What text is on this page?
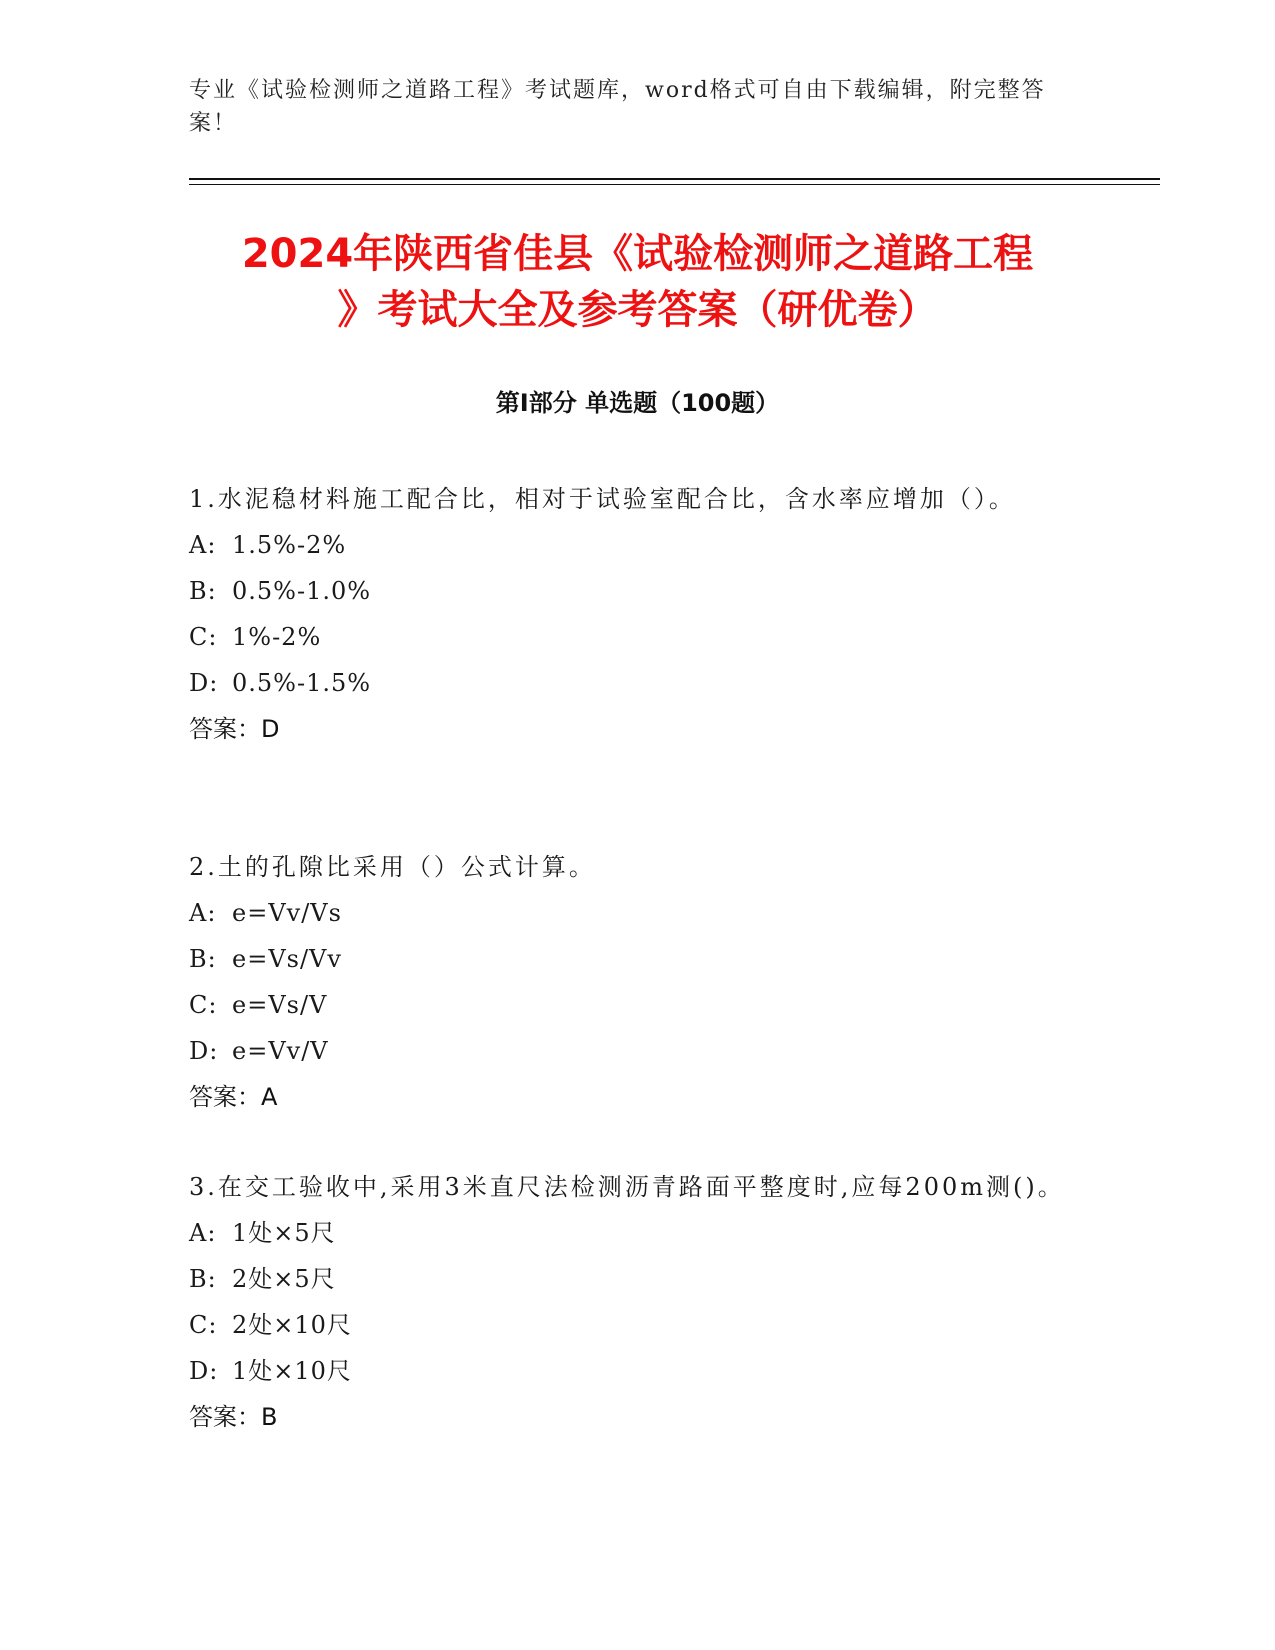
专业《试验检测师之道路工程》考试题库，word格式可自由下载编辑，附完整答案！
2024年陕西省佳县《试验检测师之道路工程
》考试大全及参考答案（研优卷）
第Ⅰ部分 单选题（100题）
1.水泥稳材料施工配合比，相对于试验室配合比，含水率应增加（）。
A: 1.5%-2%
B: 0.5%-1.0%
C: 1%-2%
D: 0.5%-1.5%
答案：D
2.土的孔隙比采用（）公式计算。
A: e=Vv/Vs
B: e=Vs/Vv
C: e=Vs/V
D: e=Vv/V
答案：A
3.在交工验收中,采用3米直尺法检测沥青路面平整度时,应每200m测()。
A: 1处×5尺
B: 2处×5尺
C: 2处×10尺
D: 1处×10尺
答案：B
